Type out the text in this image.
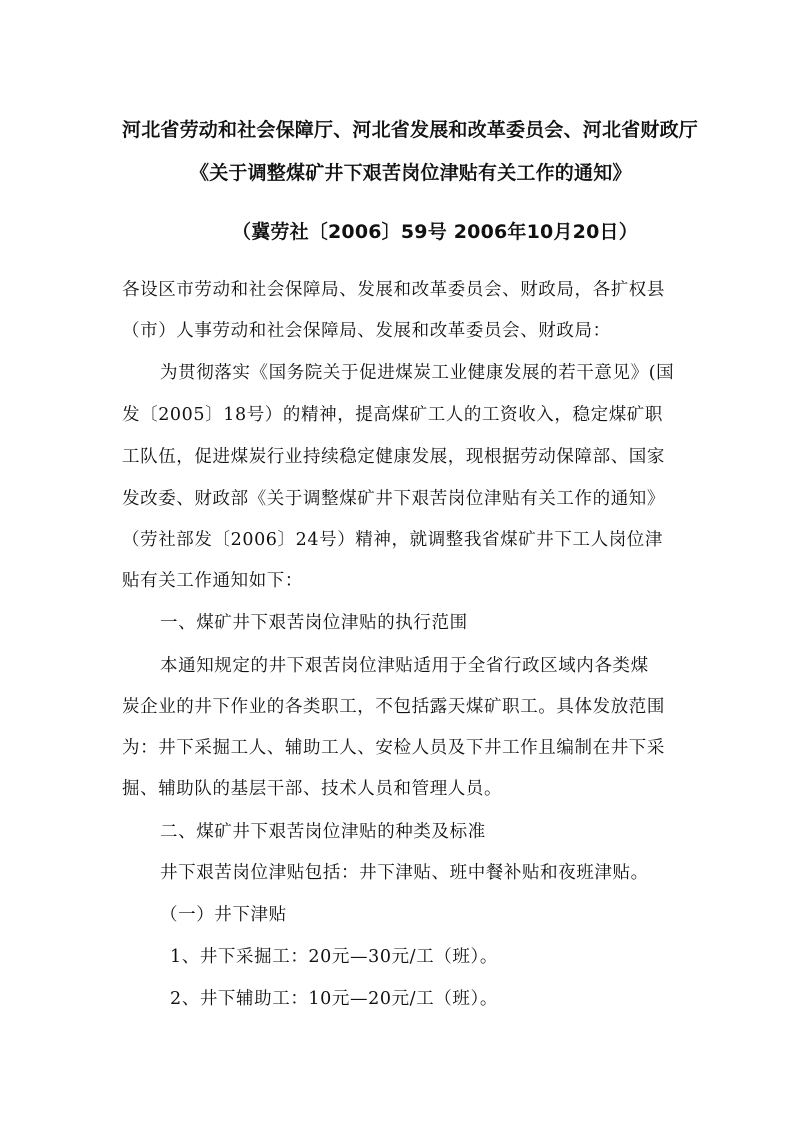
河北省劳动和社会保障厅、河北省发展和改革委员会、河北省财政厅
《关于调整煤矿井下艰苦岗位津贴有关工作的通知》
（冀劳社〔2006〕59号 2006年10月20日）
各设区市劳动和社会保障局、发展和改革委员会、财政局，各扩权县
（市）人事劳动和社会保障局、发展和改革委员会、财政局：
为贯彻落实《国务院关于促进煤炭工业健康发展的若干意见》(国
发〔2005〕18号）的精神，提高煤矿工人的工资收入，稳定煤矿职
工队伍，促进煤炭行业持续稳定健康发展，现根据劳动保障部、国家
发改委、财政部《关于调整煤矿井下艰苦岗位津贴有关工作的通知》
（劳社部发〔2006〕24号）精神，就调整我省煤矿井下工人岗位津
贴有关工作通知如下：
一、煤矿井下艰苦岗位津贴的执行范围
本通知规定的井下艰苦岗位津贴适用于全省行政区域内各类煤
炭企业的井下作业的各类职工，不包括露天煤矿职工。具体发放范围
为：井下采掘工人、辅助工人、安检人员及下井工作且编制在井下采
掘、辅助队的基层干部、技术人员和管理人员。
二、煤矿井下艰苦岗位津贴的种类及标准
井下艰苦岗位津贴包括：井下津贴、班中餐补贴和夜班津贴。
（一）井下津贴
1、井下采掘工：20元—30元/工（班）。
2、井下辅助工：10元—20元/工（班）。
